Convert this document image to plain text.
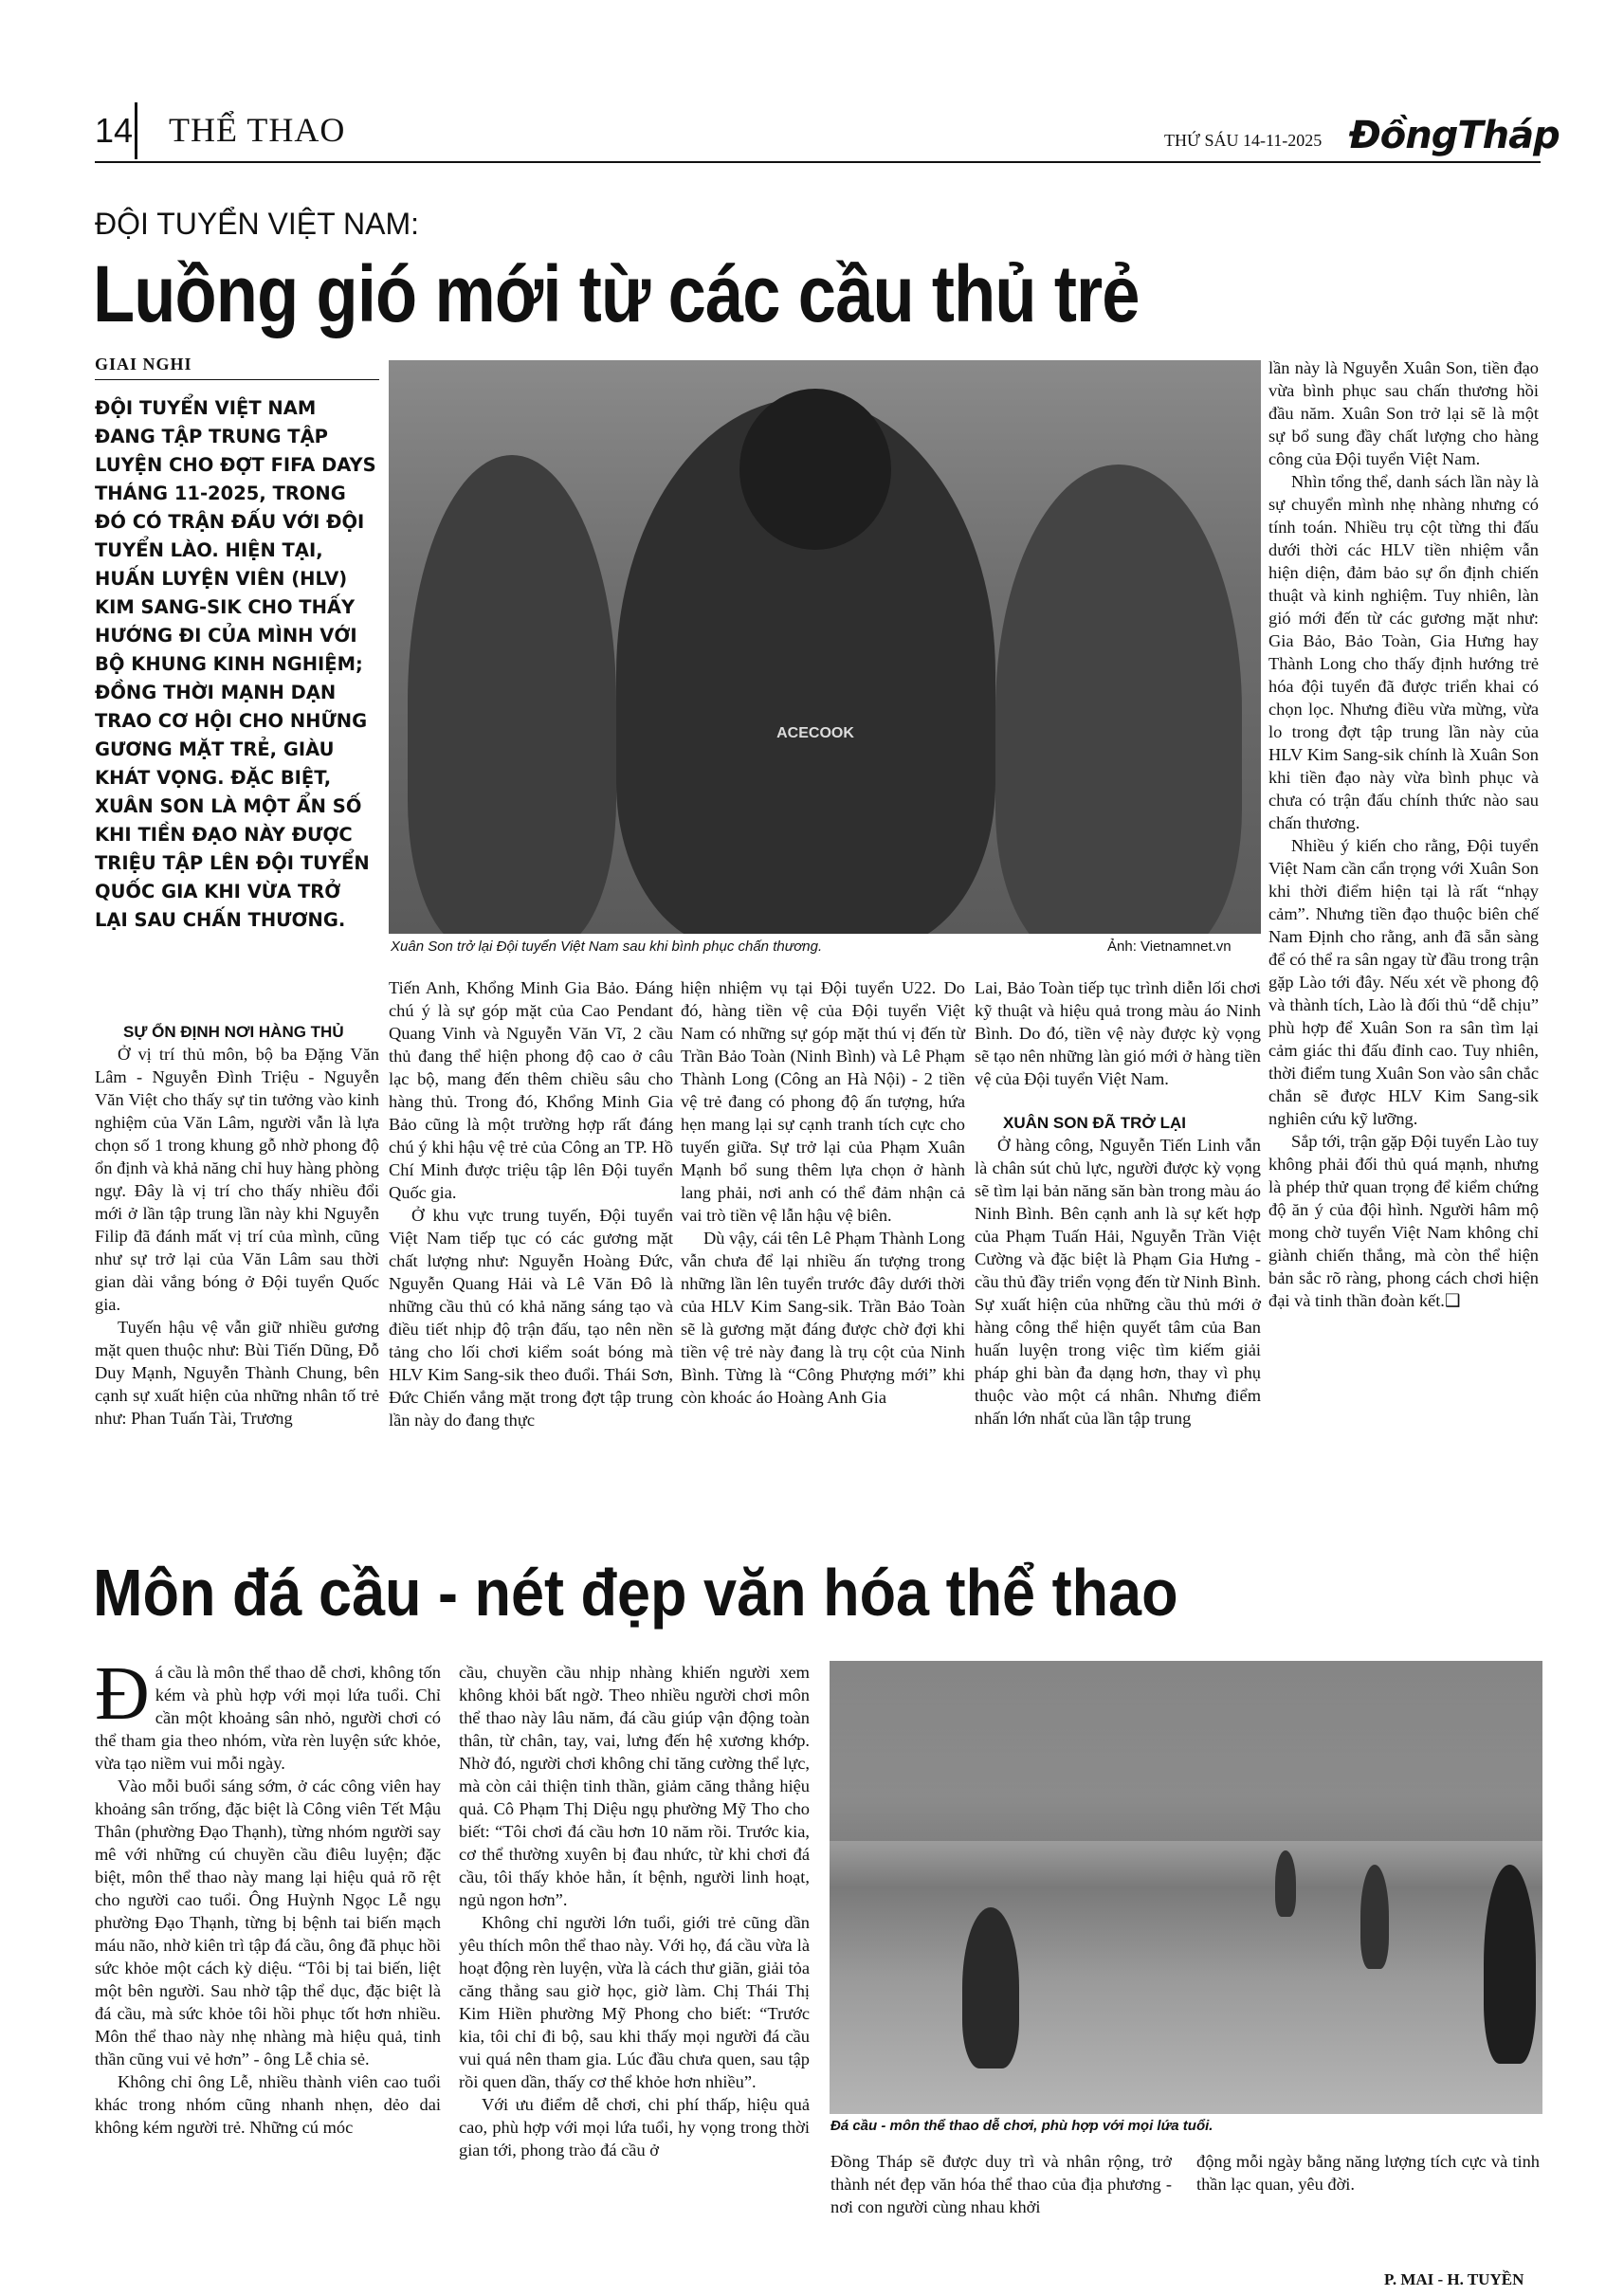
14 THỂ THAO	THỨ SÁU 14-11-2025 ĐồngTháp
ĐỘI TUYỂN VIỆT NAM:
Luồng gió mới từ các cầu thủ trẻ
GIAI NGHI
ĐỘI TUYỂN VIỆT NAM ĐANG TẬP TRUNG TẬP LUYỆN CHO ĐỢT FIFA DAYS THÁNG 11-2025, TRONG ĐÓ CÓ TRẬN ĐẤU VỚI ĐỘI TUYỂN LÀO. HIỆN TẠI, HUẤN LUYỆN VIÊN (HLV) KIM SANG-SIK CHO THẤY HƯỚNG ĐI CỦA MÌNH VỚI BỘ KHUNG KINH NGHIỆM; ĐỒNG THỜI MẠNH DẠN TRAO CƠ HỘI CHO NHỮNG GƯƠNG MẶT TRẺ, GIÀU KHÁT VỌNG. ĐẶC BIỆT, XUÂN SON LÀ MỘT ẨN SỐ KHI TIỀN ĐẠO NÀY ĐƯỢC TRIỆU TẬP LÊN ĐỘI TUYỂN QUỐC GIA KHI VỪA TRỞ LẠI SAU CHẤN THƯƠNG.
ACECOOK
Xuân Son trở lại Đội tuyển Việt Nam sau khi bình phục chấn thương.	Ảnh: Vietnamnet.vn
SỰ ỔN ĐỊNH NƠI HÀNG THỦ

Ở vị trí thủ môn, bộ ba Đặng Văn Lâm - Nguyễn Đình Triệu - Nguyễn Văn Việt cho thấy sự tin tưởng vào kinh nghiệm của Văn Lâm, người vẫn là lựa chọn số 1 trong khung gỗ nhờ phong độ ổn định và khả năng chỉ huy hàng phòng ngự. Đây là vị trí cho thấy nhiều đổi mới ở lần tập trung lần này khi Nguyễn Filip đã đánh mất vị trí của mình, cũng như sự trở lại của Văn Lâm sau thời gian dài vắng bóng ở Đội tuyển Quốc gia.

Tuyến hậu vệ vẫn giữ nhiều gương mặt quen thuộc như: Bùi Tiến Dũng, Đỗ Duy Mạnh, Nguyễn Thành Chung, bên cạnh sự xuất hiện của những nhân tố trẻ như: Phan Tuấn Tài, Trương

Tiến Anh, Khổng Minh Gia Bảo. Đáng chú ý là sự góp mặt của Cao Pendant Quang Vinh và Nguyễn Văn Vĩ, 2 cầu thủ đang thể hiện phong độ cao ở câu lạc bộ, mang đến thêm chiều sâu cho hàng thủ. Trong đó, Khổng Minh Gia Bảo cũng là một trường hợp rất đáng chú ý khi hậu vệ trẻ của Công an TP. Hồ Chí Minh được triệu tập lên Đội tuyển Quốc gia.

Ở khu vực trung tuyến, Đội tuyển Việt Nam tiếp tục có các gương mặt chất lượng như: Nguyễn Hoàng Đức, Nguyễn Quang Hải và Lê Văn Đô là những cầu thủ có khả năng sáng tạo và điều tiết nhịp độ trận đấu, tạo nên nền tảng cho lối chơi kiểm soát bóng mà HLV Kim Sang-sik theo đuổi. Thái Sơn, Đức Chiến vắng mặt trong đợt tập trung lần này do đang thực

hiện nhiệm vụ tại Đội tuyển U22. Do đó, hàng tiền vệ của Đội tuyển Việt Nam có những sự góp mặt thú vị đến từ Trần Bảo Toàn (Ninh Bình) và Lê Phạm Thành Long (Công an Hà Nội) - 2 tiền vệ trẻ đang có phong độ ấn tượng, hứa hẹn mang lại sự cạnh tranh tích cực cho tuyến giữa. Sự trở lại của Phạm Xuân Mạnh bổ sung thêm lựa chọn ở hành lang phải, nơi anh có thể đảm nhận cả vai trò tiền vệ lẫn hậu vệ biên.

Dù vậy, cái tên Lê Phạm Thành Long vẫn chưa để lại nhiều ấn tượng trong những lần lên tuyển trước đây dưới thời của HLV Kim Sang-sik. Trần Bảo Toàn sẽ là gương mặt đáng được chờ đợi khi tiền vệ trẻ này đang là trụ cột của Ninh Bình. Từng là “Công Phượng mới” khi còn khoác áo Hoàng Anh Gia

Lai, Bảo Toàn tiếp tục trình diễn lối chơi kỹ thuật và hiệu quả trong màu áo Ninh Bình. Do đó, tiền vệ này được kỳ vọng sẽ tạo nên những làn gió mới ở hàng tiền vệ của Đội tuyển Việt Nam.

XUÂN SON ĐÃ TRỞ LẠI

Ở hàng công, Nguyễn Tiến Linh vẫn là chân sút chủ lực, người được kỳ vọng sẽ tìm lại bản năng săn bàn trong màu áo Ninh Bình. Bên cạnh anh là sự kết hợp của Phạm Tuấn Hải, Nguyễn Trần Việt Cường và đặc biệt là Phạm Gia Hưng - cầu thủ đầy triển vọng đến từ Ninh Bình. Sự xuất hiện của những cầu thủ mới ở hàng công thể hiện quyết tâm của Ban huấn luyện trong việc tìm kiếm giải pháp ghi bàn đa dạng hơn, thay vì phụ thuộc vào một cá nhân. Nhưng điểm nhấn lớn nhất của lần tập trung

lần này là Nguyễn Xuân Son, tiền đạo vừa bình phục sau chấn thương hồi đầu năm. Xuân Son trở lại sẽ là một sự bổ sung đầy chất lượng cho hàng công của Đội tuyển Việt Nam.

Nhìn tổng thể, danh sách lần này là sự chuyển mình nhẹ nhàng nhưng có tính toán. Nhiều trụ cột từng thi đấu dưới thời các HLV tiền nhiệm vẫn hiện diện, đảm bảo sự ổn định chiến thuật và kinh nghiệm. Tuy nhiên, làn gió mới đến từ các gương mặt như: Gia Bảo, Bảo Toàn, Gia Hưng hay Thành Long cho thấy định hướng trẻ hóa đội tuyển đã được triển khai có chọn lọc. Nhưng điều vừa mừng, vừa lo trong đợt tập trung lần này của HLV Kim Sang-sik chính là Xuân Son khi tiền đạo này vừa bình phục và chưa có trận đấu chính thức nào sau chấn thương.

Nhiều ý kiến cho rằng, Đội tuyển Việt Nam cần cẩn trọng với Xuân Son khi thời điểm hiện tại là rất “nhạy cảm”. Nhưng tiền đạo thuộc biên chế Nam Định cho rằng, anh đã sẵn sàng để có thể ra sân ngay từ đầu trong trận gặp Lào tới đây. Nếu xét về phong độ và thành tích, Lào là đối thủ “dễ chịu” phù hợp để Xuân Son ra sân tìm lại cảm giác thi đấu đỉnh cao. Tuy nhiên, thời điểm tung Xuân Son vào sân chắc chắn sẽ được HLV Kim Sang-sik nghiên cứu kỹ lưỡng.

Sắp tới, trận gặp Đội tuyển Lào tuy không phải đối thủ quá mạnh, nhưng là phép thử quan trọng để kiểm chứng độ ăn ý của đội hình. Người hâm mộ mong chờ tuyển Việt Nam không chỉ giành chiến thắng, mà còn thể hiện bản sắc rõ ràng, phong cách chơi hiện đại và tinh thần đoàn kết.❑

Môn đá cầu - nét đẹp văn hóa thể thao

Đá cầu là môn thể thao dễ chơi, không tốn kém và phù hợp với mọi lứa tuổi. Chỉ cần một khoảng sân nhỏ, người chơi có thể tham gia theo nhóm, vừa rèn luyện sức khỏe, vừa tạo niềm vui mỗi ngày.

Vào mỗi buổi sáng sớm, ở các công viên hay khoảng sân trống, đặc biệt là Công viên Tết Mậu Thân (phường Đạo Thạnh), từng nhóm người say mê với những cú chuyền cầu điêu luyện; đặc biệt, môn thể thao này mang lại hiệu quả rõ rệt cho người cao tuổi. Ông Huỳnh Ngọc Lễ ngụ phường Đạo Thạnh, từng bị bệnh tai biến mạch máu não, nhờ kiên trì tập đá cầu, ông đã phục hồi sức khỏe một cách kỳ diệu. “Tôi bị tai biến, liệt một bên người. Sau nhờ tập thể dục, đặc biệt là đá cầu, mà sức khỏe tôi hồi phục tốt hơn nhiều. Môn thể thao này nhẹ nhàng mà hiệu quả, tinh thần cũng vui vẻ hơn” - ông Lễ chia sẻ.

Không chỉ ông Lễ, nhiều thành viên cao tuổi khác trong nhóm cũng nhanh nhẹn, dẻo dai không kém người trẻ. Những cú móc

cầu, chuyền cầu nhịp nhàng khiến người xem không khỏi bất ngờ. Theo nhiều người chơi môn thể thao này lâu năm, đá cầu giúp vận động toàn thân, từ chân, tay, vai, lưng đến hệ xương khớp. Nhờ đó, người chơi không chỉ tăng cường thể lực, mà còn cải thiện tinh thần, giảm căng thẳng hiệu quả. Cô Phạm Thị Diệu ngụ phường Mỹ Tho cho biết: “Tôi chơi đá cầu hơn 10 năm rồi. Trước kia, cơ thể thường xuyên bị đau nhức, từ khi chơi đá cầu, tôi thấy khỏe hẳn, ít bệnh, người linh hoạt, ngủ ngon hơn”.

Không chỉ người lớn tuổi, giới trẻ cũng dần yêu thích môn thể thao này. Với họ, đá cầu vừa là hoạt động rèn luyện, vừa là cách thư giãn, giải tỏa căng thẳng sau giờ học, giờ làm. Chị Thái Thị Kim Hiền phường Mỹ Phong cho biết: “Trước kia, tôi chỉ đi bộ, sau khi thấy mọi người đá cầu vui quá nên tham gia. Lúc đầu chưa quen, sau tập rồi quen dần, thấy cơ thể khỏe hơn nhiều”.

Với ưu điểm dễ chơi, chi phí thấp, hiệu quả cao, phù hợp với mọi lứa tuổi, hy vọng trong thời gian tới, phong trào đá cầu ở

Đá cầu - môn thể thao dễ chơi, phù hợp với mọi lứa tuổi.

Đồng Tháp sẽ được duy trì và nhân rộng, trở thành nét đẹp văn hóa thể thao của địa phương - nơi con người cùng nhau khởi

động mỗi ngày bằng năng lượng tích cực và tinh thần lạc quan, yêu đời.

P. MAI - H. TUYỀN
